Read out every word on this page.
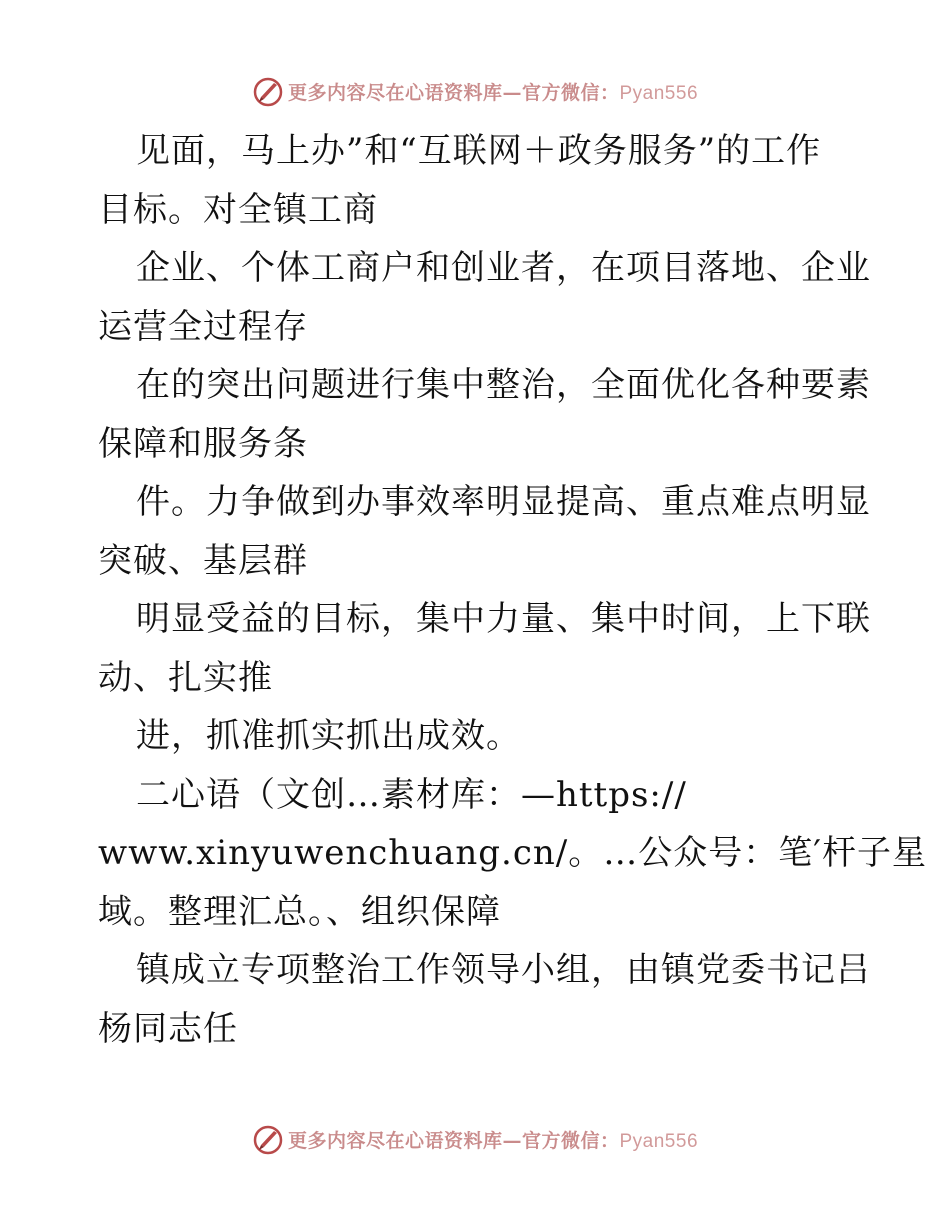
更多内容尽在心语资料库—官方微信：Pyan556
见面，马上办”和“互联网＋政务服务”的工作
目标。对全镇工商
企业、个体工商户和创业者，在项目落地、企业
运营全过程存
在的突出问题进行集中整治，全面优化各种要素
保障和服务条
件。力争做到办事效率明显提高、重点难点明显
突破、基层群
明显受益的目标，集中力量、集中时间，上下联
动、扎实推
进，抓准抓实抓出成效。
二心语（文创…素材库：—https://
www.xinyuwenchuang.cn/。…公众号：笔′杆子星
域。整理汇总。、组织保障
镇成立专项整治工作领导小组，由镇党委书记吕
杨同志任
更多内容尽在心语资料库—官方微信：Pyan556
